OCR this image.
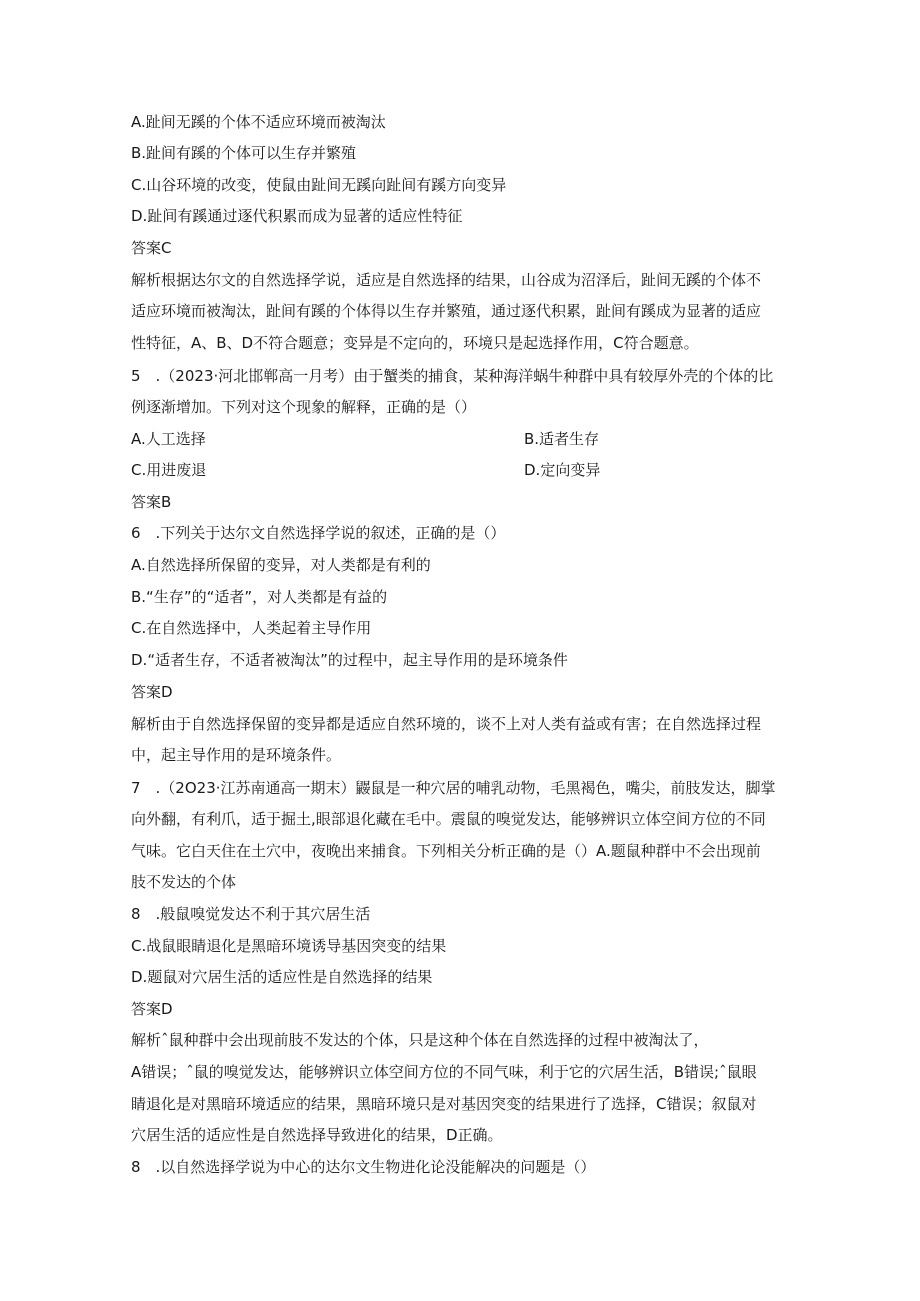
A.趾间无蹊的个体不适应环境而被淘汰
B.趾间有蹊的个体可以生存并繁殖
C.山谷环境的改变，使鼠由趾间无蹊向趾间有蹊方向变异
D.趾间有蹊通过逐代积累而成为显著的适应性特征
答案C
解析根据达尔文的自然选择学说，适应是自然选择的结果，山谷成为沼泽后，趾间无蹊的个体不
适应环境而被淘汰，趾间有蹊的个体得以生存并繁殖，通过逐代积累，趾间有蹊成为显著的适应
性特征，A、B、D不符合题意；变异是不定向的，环境只是起选择作用，C符合题意。
5　.（2023·河北邯郸高一月考）由于蟹类的捕食，某种海洋蜗牛种群中具有较厚外壳的个体的比
例逐渐增加。下列对这个现象的解释，正确的是（）
A.人工选择	B.适者生存
C.用进废退	D.定向变异
答案B
6　.下列关于达尔文自然选择学说的叙述，正确的是（）
A.自然选择所保留的变异，对人类都是有利的
B.“生存”的“适者”，对人类都是有益的
C.在自然选择中，人类起着主导作用
D.“适者生存，不适者被淘汰”的过程中，起主导作用的是环境条件
答案D
解析由于自然选择保留的变异都是适应自然环境的，谈不上对人类有益或有害；在自然选择过程
中，起主导作用的是环境条件。
7　.（2O23·江苏南通高一期末）鼹鼠是一种穴居的哺乳动物，毛黑褐色，嘴尖，前肢发达，脚掌
向外翻，有利爪，适于掘土,眼部退化藏在毛中。震鼠的嗅觉发达，能够辨识立体空间方位的不同
气味。它白天住在土穴中，夜晚出来捕食。下列相关分析正确的是（）A.题鼠种群中不会出现前
肢不发达的个体
8　.般鼠嗅觉发达不利于其穴居生活
C.战鼠眼睛退化是黑暗环境诱导基因突变的结果
D.题鼠对穴居生活的适应性是自然选择的结果
答案D
解析ˆ鼠种群中会出现前肢不发达的个体，只是这种个体在自然选择的过程中被淘汰了，
A错误；ˆ鼠的嗅觉发达，能够辨识立体空间方位的不同气味，利于它的穴居生活，B错误;ˆ鼠眼
睛退化是对黑暗环境适应的结果，黑暗环境只是对基因突变的结果进行了选择，C错误；叙鼠对
穴居生活的适应性是自然选择导致进化的结果，D正确。
8　.以自然选择学说为中心的达尔文生物进化论没能解决的问题是（）
